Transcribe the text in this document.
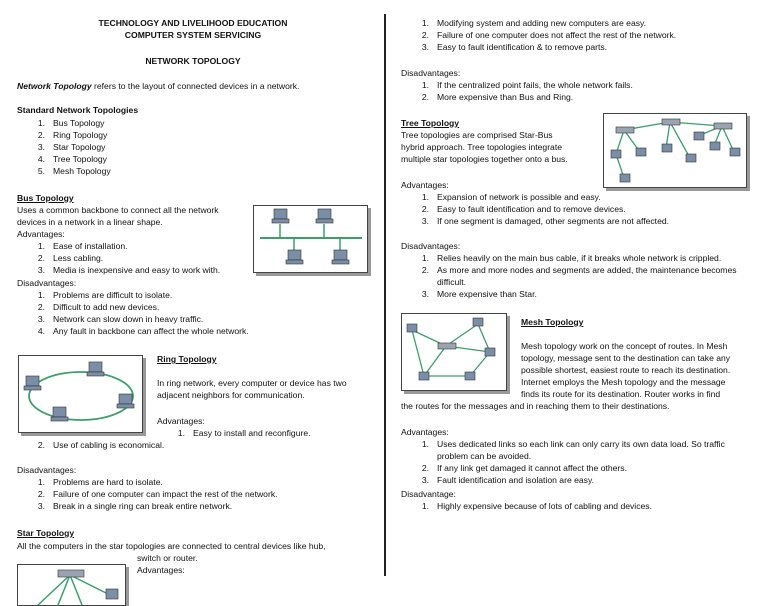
TECHNOLOGY AND LIVELIHOOD EDUCATION
COMPUTER SYSTEM SERVICING
NETWORK TOPOLOGY
Network Topology refers to the layout of connected devices in a network.
Standard Network Topologies
1. Bus Topology
2. Ring Topology
3. Star Topology
4. Tree Topology
5. Mesh Topology
Bus Topology
Uses a common backbone to connect all the network
devices in a network in a linear shape.
Advantages:
1. Ease of installation.
2. Less cabling.
3. Media is inexpensive and easy to work with.
Disadvantages:
1. Problems are difficult to isolate.
2. Difficult to add new devices.
3. Network can slow down in heavy traffic.
4. Any fault in backbone can affect the whole network.
Ring Topology
In ring network, every computer or device has two
adjacent neighbors for communication.
Advantages:
1. Easy to install and reconfigure.
2. Use of cabling is economical.
Disadvantages:
1. Problems are hard to isolate.
2. Failure of one computer can impact the rest of the network.
3. Break in a single ring can break entire network.
Star Topology
All the computers in the star topologies are connected to central devices like hub,
switch or router.
Advantages:
1. Modifying system and adding new computers are easy.
2. Failure of one computer does not affect the rest of the network.
3. Easy to fault identification & to remove parts.
Disadvantages:
1. If the centralized point fails, the whole network fails.
2. More expensive than Bus and Ring.
Tree Topology
Tree topologies are comprised Star-Bus
hybrid approach. Tree topologies integrate
multiple star topologies together onto a bus.
Advantages:
1. Expansion of network is possible and easy.
2. Easy to fault identification and to remove devices.
3. If one segment is damaged, other segments are not affected.
Disadvantages:
1. Relies heavily on the main bus cable, if it breaks whole network is crippled.
2. As more and more nodes and segments are added, the maintenance becomes difficult.
3. More expensive than Star.
Mesh Topology
Mesh topology work on the concept of routes. In Mesh
topology, message sent to the destination can take any
possible shortest, easiest route to reach its destination.
Internet employs the Mesh topology and the message
finds its route for its destination. Router works in find
the routes for the messages and in reaching them to their destinations.
Advantages:
1. Uses dedicated links so each link can only carry its own data load. So traffic problem can be avoided.
2. If any link get damaged it cannot affect the others.
3. Fault identification and isolation are easy.
Disadvantage:
1. Highly expensive because of lots of cabling and devices.
